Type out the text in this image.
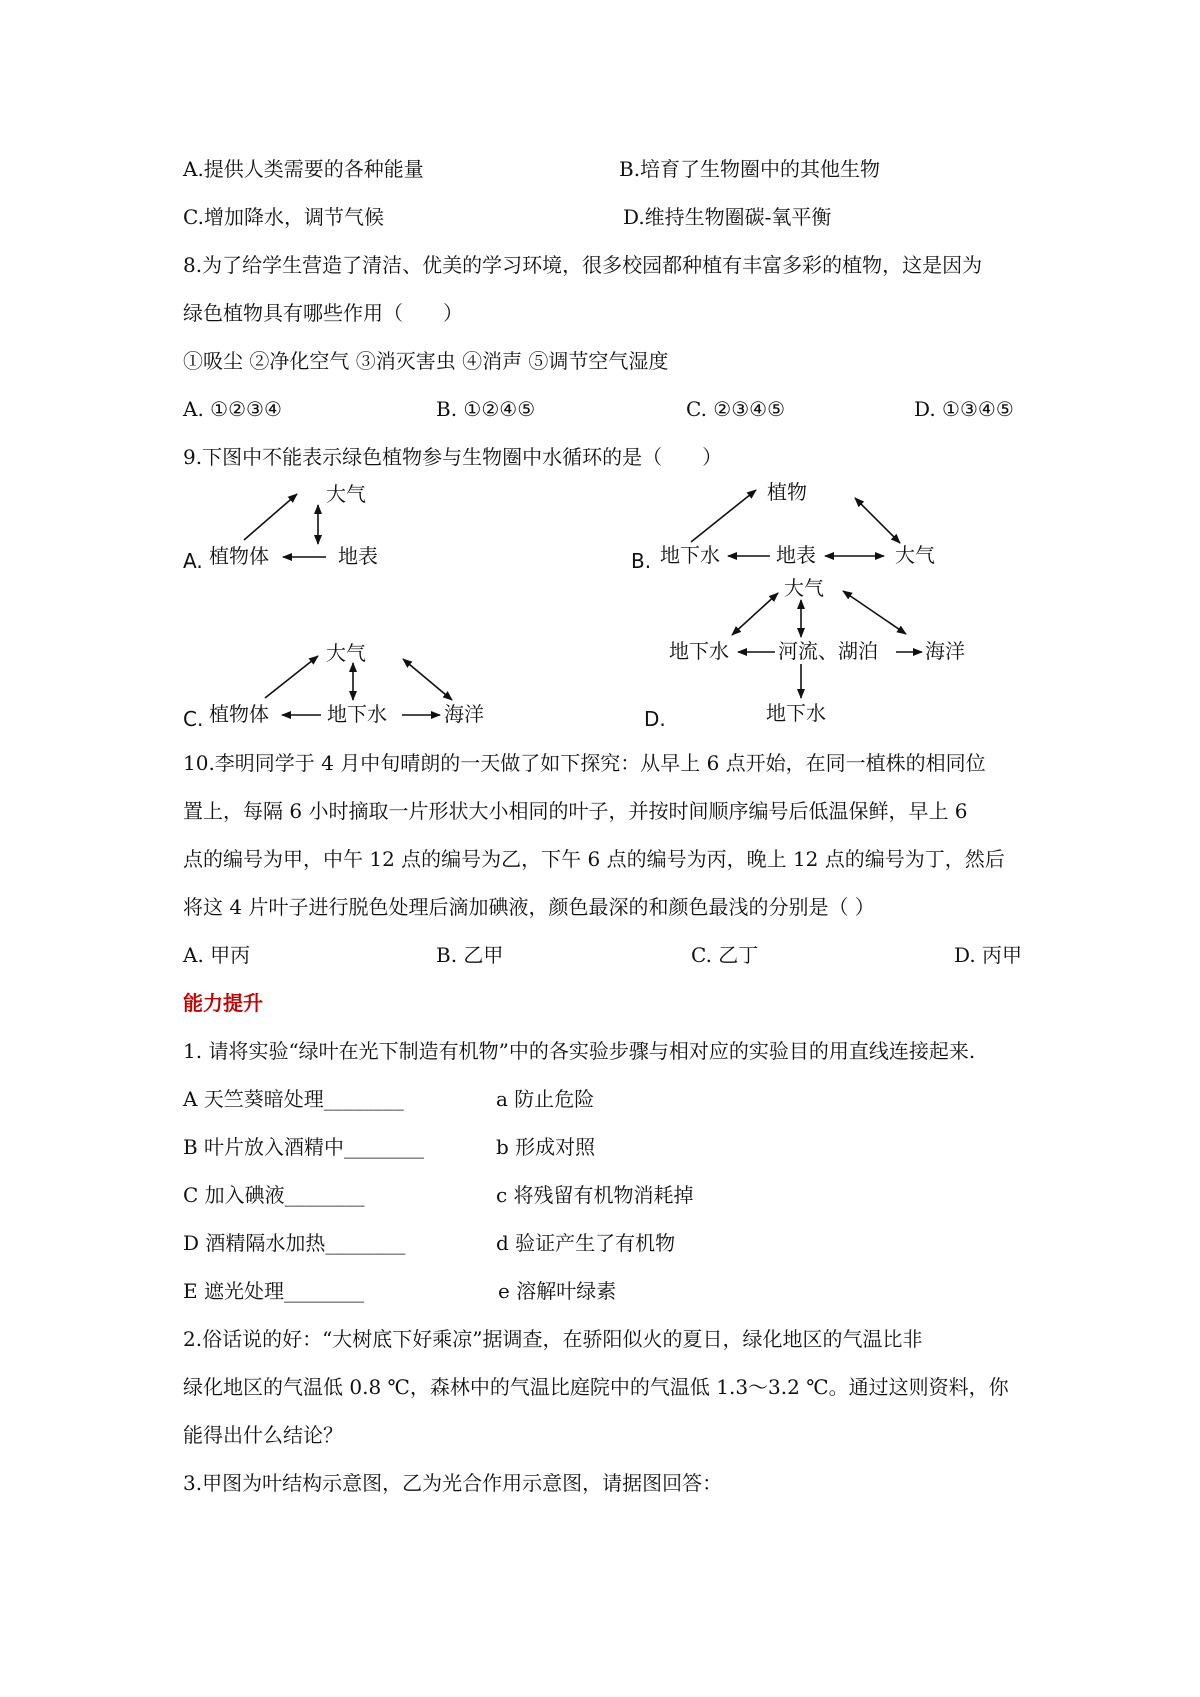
A.提供人类需要的各种能量	B.培育了生物圈中的其他生物
C.增加降水，调节气候	D.维持生物圈碳-氧平衡
8.为了给学生营造了清洁、优美的学习环境，很多校园都种植有丰富多彩的植物，这是因为
绿色植物具有哪些作用（　　）
①吸尘 ②净化空气 ③消灭害虫 ④消声 ⑤调节空气湿度
A. ①②③④	B. ①②④⑤	C. ②③④⑤	D. ①③④⑤
9.下图中不能表示绿色植物参与生物圈中水循环的是（　　）
A.
大气
植物体	地表	B.
植物
地下水	地表	大气
C.
大气
植物体	地下水	海洋	D.
大气
地下水 河流、湖泊 海洋
地下水
10.李明同学于 4 月中旬晴朗的一天做了如下探究：从早上 6 点开始，在同一植株的相同位
置上，每隔 6 小时摘取一片形状大小相同的叶子，并按时间顺序编号后低温保鲜，早上 6
点的编号为甲，中午 12 点的编号为乙，下午 6 点的编号为丙，晚上 12 点的编号为丁，然后
将这 4 片叶子进行脱色处理后滴加碘液，颜色最深的和颜色最浅的分别是（ ）
A. 甲丙	B. 乙甲	C. 乙丁	D. 丙甲
能力提升
1. 请将实验“绿叶在光下制造有机物”中的各实验步骤与相对应的实验目的用直线连接起来.
A 天竺葵暗处理________	a 防止危险
B 叶片放入酒精中________	b 形成对照
C 加入碘液________	c 将残留有机物消耗掉
D 酒精隔水加热________	d 验证产生了有机物
E 遮光处理________	e 溶解叶绿素
2.俗话说的好：“大树底下好乘凉”据调查，在骄阳似火的夏日，绿化地区的气温比非
绿化地区的气温低 0.8 ℃，森林中的气温比庭院中的气温低 1.3～3.2 ℃。通过这则资料，你
能得出什么结论？
3.甲图为叶结构示意图，乙为光合作用示意图，请据图回答：
